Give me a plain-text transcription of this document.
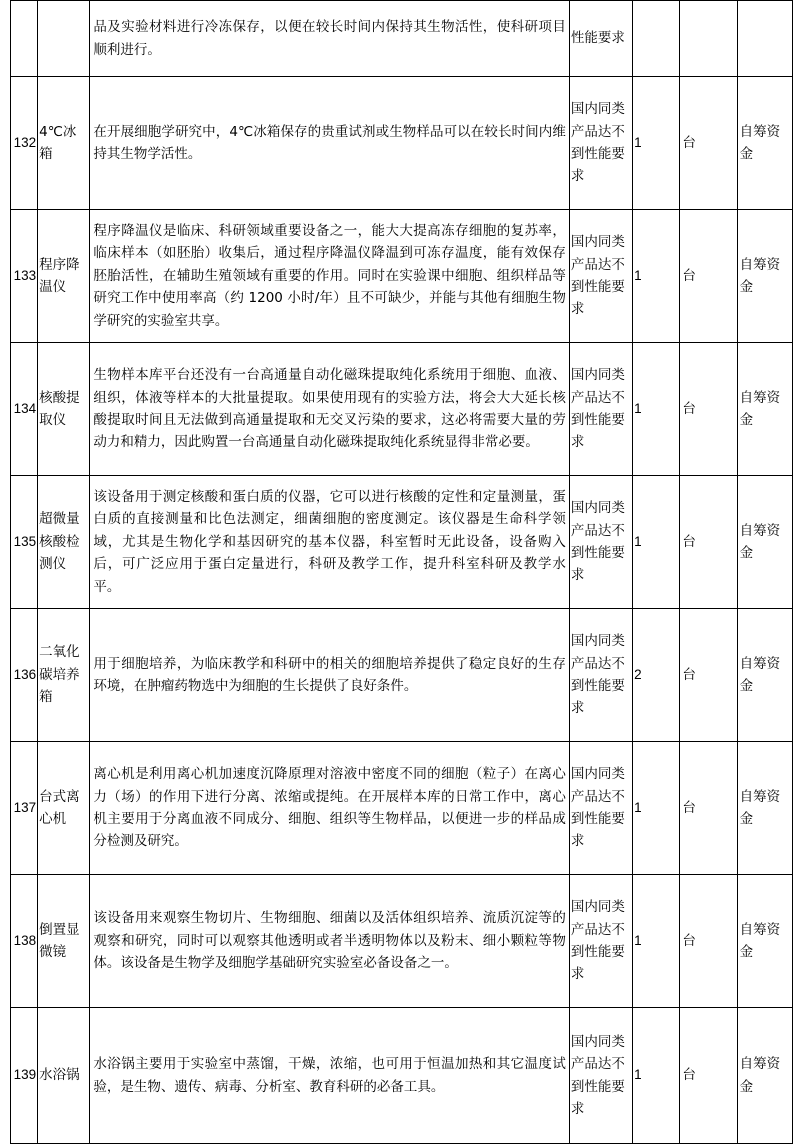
		品及实验材料进行冷冻保存，以便在较长时间内保持其生物活性，使科研项目顺利进行。	性能要求			
132	4℃冰箱	在开展细胞学研究中，4℃冰箱保存的贵重试剂或生物样品可以在较长时间内维持其生物学活性。	国内同类产品达不到性能要求	1	台	自筹资金
133	程序降温仪	程序降温仪是临床、科研领域重要设备之一，能大大提高冻存细胞的复苏率，临床样本（如胚胎）收集后，通过程序降温仪降温到可冻存温度，能有效保存胚胎活性，在辅助生殖领域有重要的作用。同时在实验课中细胞、组织样品等研究工作中使用率高（约 1200 小时/年）且不可缺少，并能与其他有细胞生物学研究的实验室共享。	国内同类产品达不到性能要求	1	台	自筹资金
134	核酸提取仪	生物样本库平台还没有一台高通量自动化磁珠提取纯化系统用于细胞、血液、组织，体液等样本的大批量提取。如果使用现有的实验方法，将会大大延长核酸提取时间且无法做到高通量提取和无交叉污染的要求，这必将需要大量的劳动力和精力，因此购置一台高通量自动化磁珠提取纯化系统显得非常必要。	国内同类产品达不到性能要求	1	台	自筹资金
135	超微量核酸检测仪	该设备用于测定核酸和蛋白质的仪器，它可以进行核酸的定性和定量测量，蛋白质的直接测量和比色法测定，细菌细胞的密度测定。该仪器是生命科学领域，尤其是生物化学和基因研究的基本仪器，科室暂时无此设备，设备购入后，可广泛应用于蛋白定量进行，科研及教学工作，提升科室科研及教学水平。	国内同类产品达不到性能要求	1	台	自筹资金
136	二氧化碳培养箱	用于细胞培养，为临床教学和科研中的相关的细胞培养提供了稳定良好的生存环境，在肿瘤药物选中为细胞的生长提供了良好条件。	国内同类产品达不到性能要求	2	台	自筹资金
137	台式离心机	离心机是利用离心机加速度沉降原理对溶液中密度不同的细胞（粒子）在离心力（场）的作用下进行分离、浓缩或提纯。在开展样本库的日常工作中，离心机主要用于分离血液不同成分、细胞、组织等生物样品，以便进一步的样品成分检测及研究。	国内同类产品达不到性能要求	1	台	自筹资金
138	倒置显微镜	该设备用来观察生物切片、生物细胞、细菌以及活体组织培养、流质沉淀等的观察和研究，同时可以观察其他透明或者半透明物体以及粉末、细小颗粒等物体。该设备是生物学及细胞学基础研究实验室必备设备之一。	国内同类产品达不到性能要求	1	台	自筹资金
139	水浴锅	水浴锅主要用于实验室中蒸馏，干燥，浓缩，也可用于恒温加热和其它温度试验，是生物、遗传、病毒、分析室、教育科研的必备工具。	国内同类产品达不到性能要求	1	台	自筹资金
